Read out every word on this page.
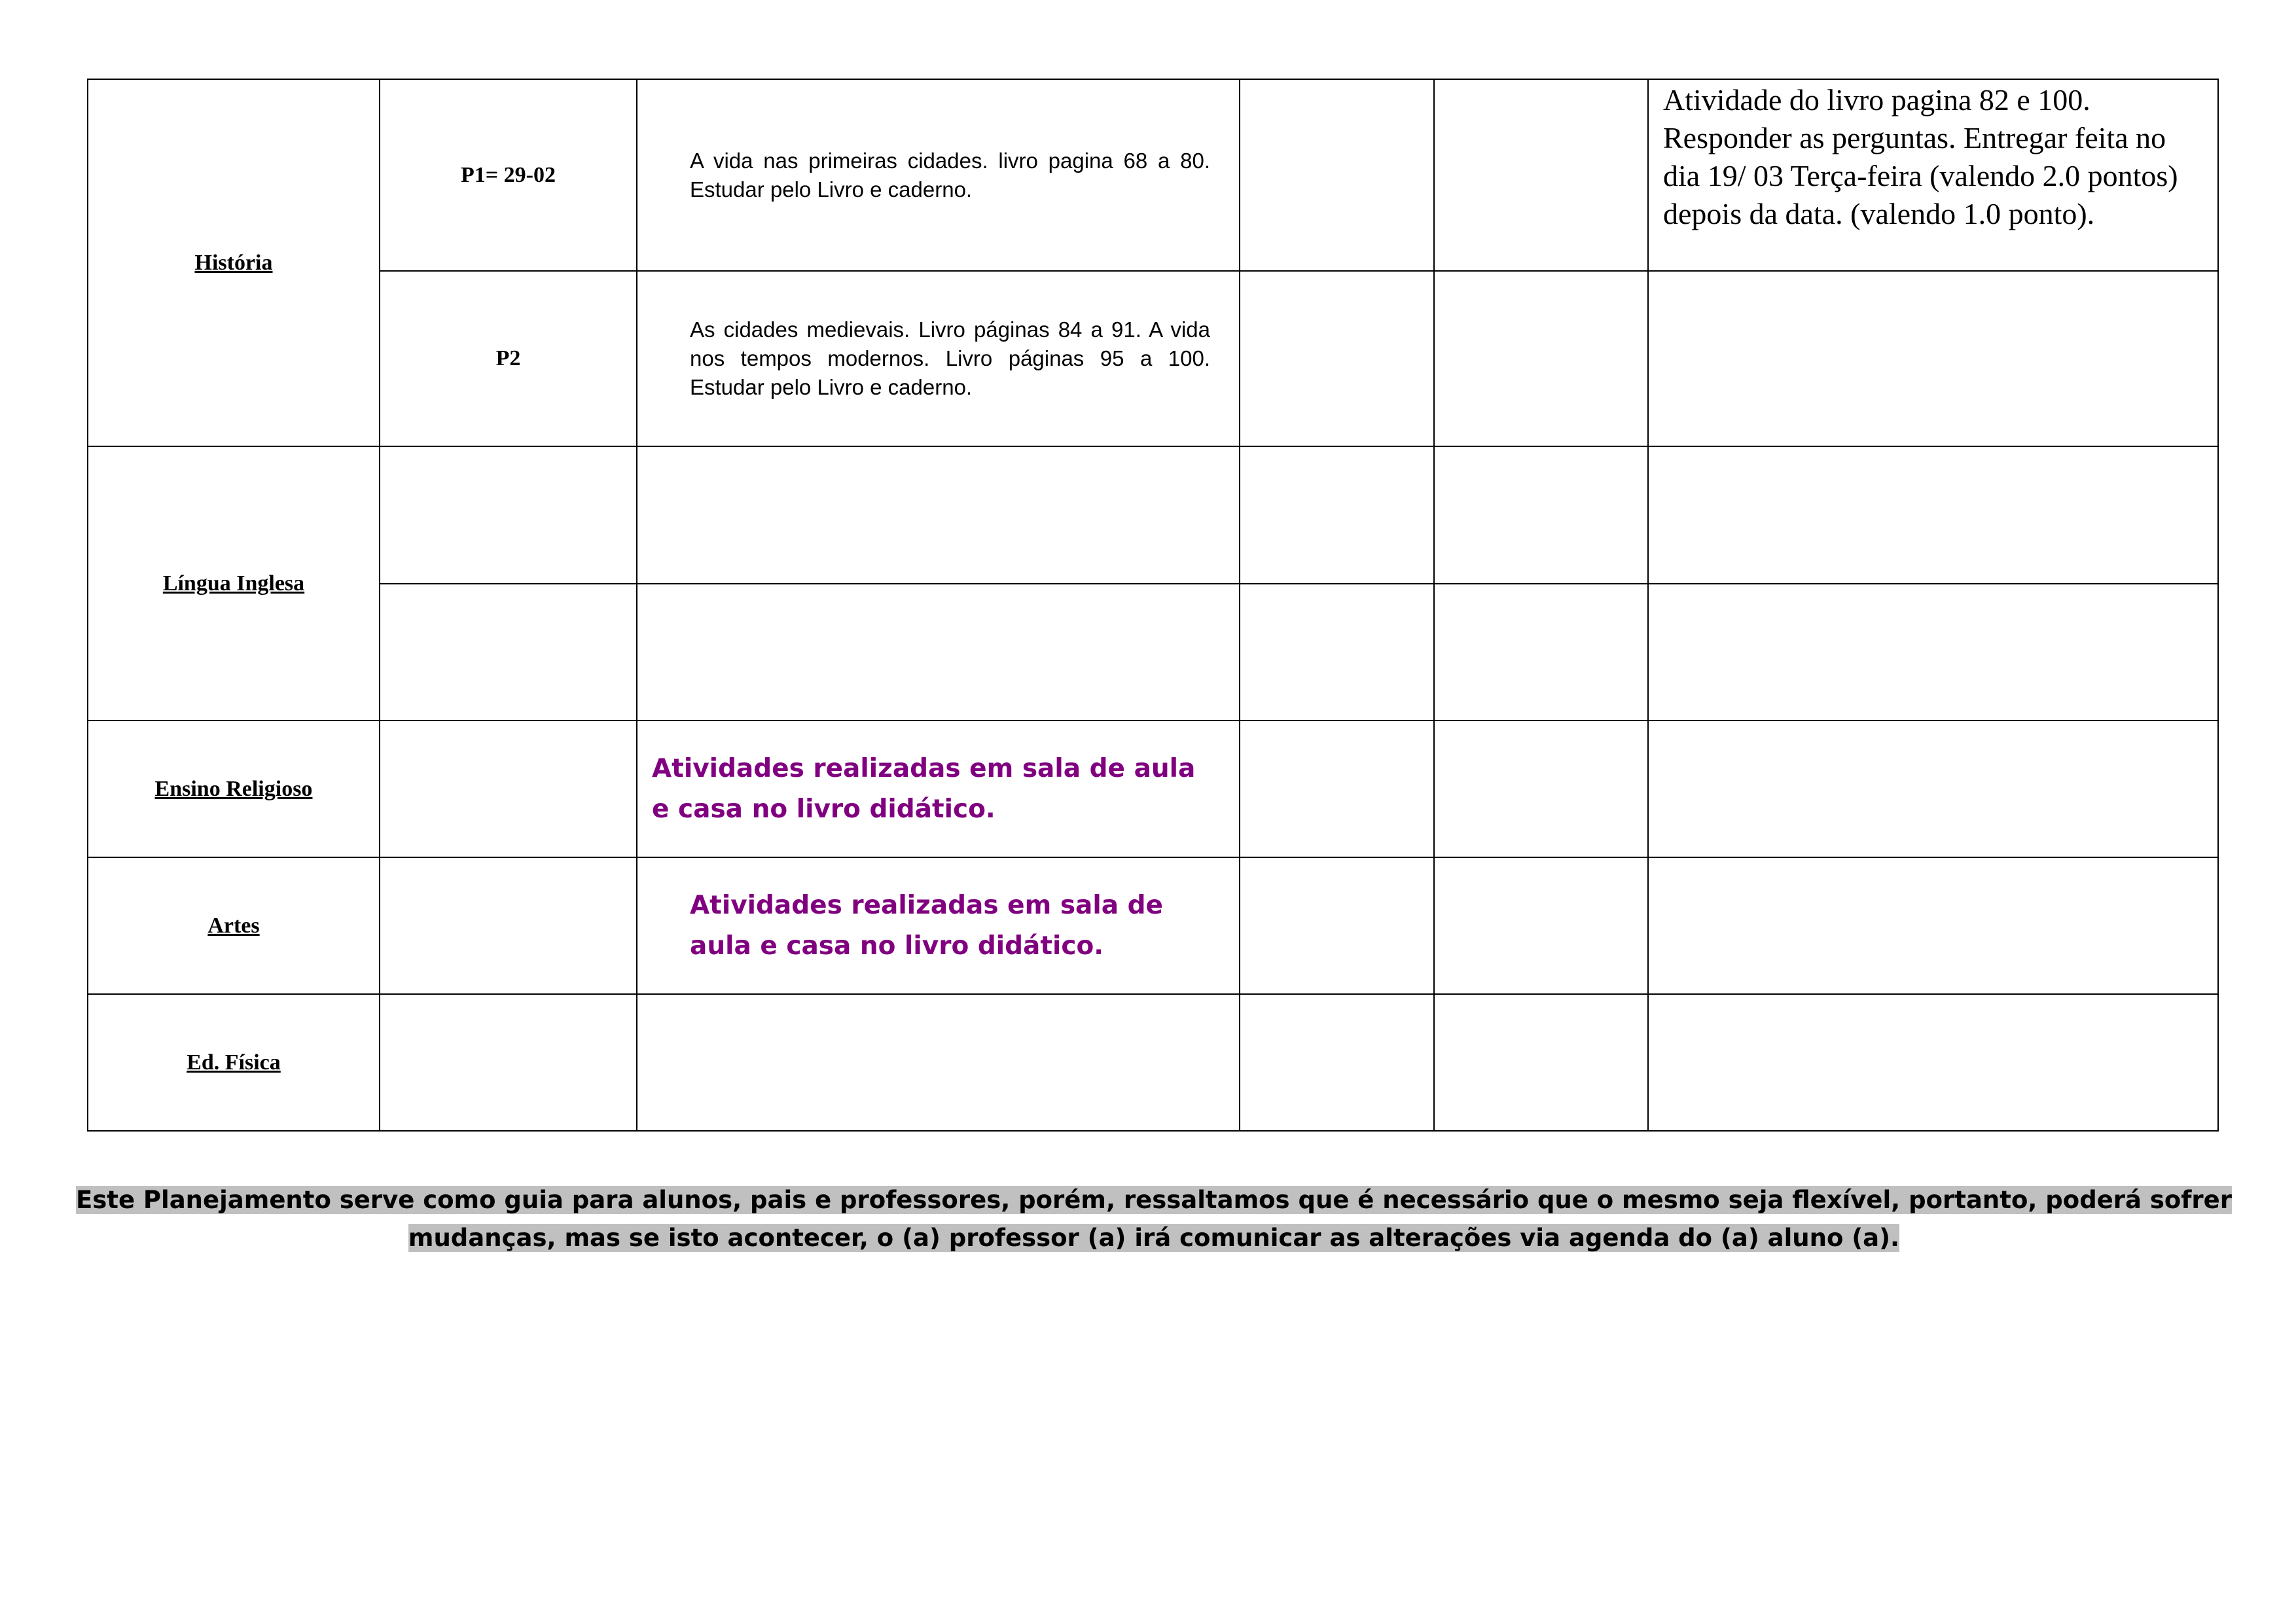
História	P1= 29-02	A vida nas primeiras cidades. livro pagina 68 a 80. Estudar pelo Livro e caderno.			Atividade do livro pagina 82 e 100. Responder as perguntas. Entregar feita no dia 19/ 03 Terça-feira (valendo 2.0 pontos) depois da data. (valendo 1.0 ponto).
	P2	As cidades medievais. Livro páginas 84 a 91. A vida nos tempos modernos. Livro páginas 95 a 100. Estudar pelo Livro e caderno.			
Língua Inglesa					

Ensino Religioso		Atividades realizadas em sala de aula e casa no livro didático.			
Artes		Atividades realizadas em sala de aula e casa no livro didático.			
Ed. Física					
Este Planejamento serve como guia para alunos, pais e professores, porém, ressaltamos que é necessário que o mesmo seja flexível, portanto, poderá sofrer mudanças, mas se isto acontecer, o (a) professor (a) irá comunicar as alterações via agenda do (a) aluno (a).
